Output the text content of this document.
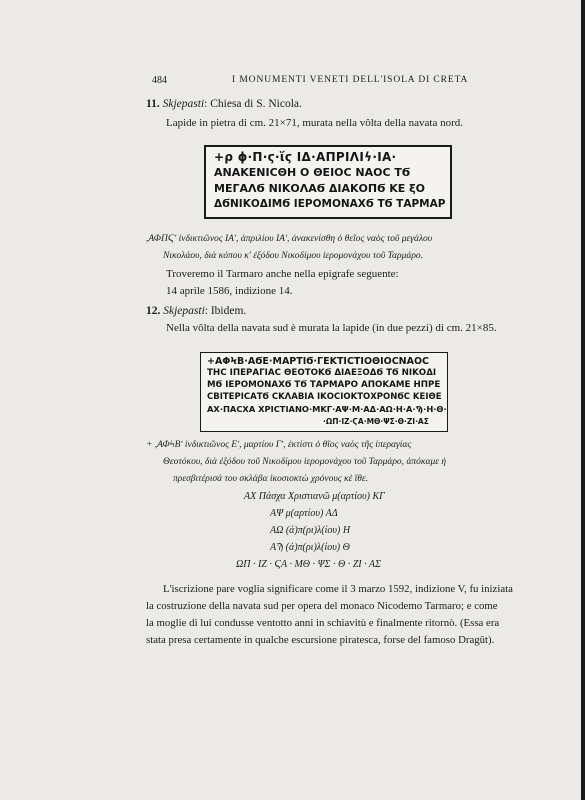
484	I MONUMENTI VENETI DELL'ISOLA DI CRETA
11. Skjepasti: Chiesa di S. Nicola.
Lapide in pietra di cm. 21×71, murata nella vôlta della navata nord.
+ρ ϕ·Π·ϛ·ἵϛ ΙΔ·ΑΠΡΙΛΙϟ·ΙΑ·
ΑΝΑΚΕΝΙϹΘΗ Ο ΘΕΙΟϹ ΝΑΟϹ ΤϬ
ΜΕΓΑΛϬ ΝΙΚΟΛΑϬ ΔΙΑΚΟΠϬ ΚΕ ξΟ
ΔϬΝΙΚΟΔΙΜϬ ΙΕΡΟΜΟΝΑΧϬ ΤϬ ΤΑΡΜΑΡ
,ΑΦΠϚʹ ἰνδικτιῶνος ΙΑʹ, ἀπριλίου ΙΑʹ, ἀνακενίσθη ὁ θεῖος ναὸς τοῦ μεγάλου
Νικολάου, διὰ κόπου κ' ἐξόδου Νικοδίμου ἱερομονάχου τοῦ Ταρμάρο.
Troveremo il Tarmaro anche nella epigrafe seguente:
14 aprile 1586, indizione 14.
12. Skjepasti: Ibidem.
Nella vôlta della navata sud è murata la lapide (in due pezzi) di cm. 21×85.
+ΑΦϞΒ·ΑϬΕ·ΜΑΡΤΙϬ·ΓΕΚΤΙϹΤΙΟΘΙΟϹΝΑΟϹ
ΤΗϹ ΙΠΕΡΑΓΙΑϹ ΘΕΟΤΟΚϬ ΔΙΑΕΞΟΔϬ ΤϬ ΝΙΚΟΔΙ
ΜϬ ΙΕΡΟΜΟΝΑΧϬ ΤϬ ΤΑΡΜΑΡΟ ΑΠΟΚΑΜΕ ΗΠΡΕ
ϹΒΙΤΕΡΙϹΑΤϬ ϹΚΛΑΒΙΑ ΙΚΟϹΙΟΚΤΟΧΡΟΝϬϹ ΚΕΙΘΕ
ΑΧ·ΠΑϹΧΑ ΧΡΙϹΤΙΑΝΟ·ΜΚΓ·ΑΨ·Μ·ΑΔ·ΑΩ·Η·Α·Ϡ·Η·Θ·
·ΩΠ·ΙΖ·ϚΑ·ΜΘ·ΨΣ·Θ·ΖΙ·ΑΣ
+ ,ΑΦϞΒʹ ἰνδικτιῶνος Εʹ, μαρτίου Γʹ, ἐκτίστι ὁ θῖος ναὸς τῆς ἰπεραγίας
Θεοτόκου, διὰ ἐξόδου τοῦ Νικοδίμου ἱερομονάχου τοῦ Ταρμάρο, ἀπόκαμε ἡ
πρεσβιτέρισά του σκλάβα ἰκοσιοκτὼ χρόνους κὲ ἴθε.
ΑΧ Πάσχα Χριστιανῶ μ(αρτίου) ΚΓ
ΑΨ μ(αρτίου) ΑΔ
ΑΩ (ἀ)π(ρι)λ(ίου) Η
ΑϠ (ἀ)π(ρι)λ(ίου) Θ
ΩΠ · ΙΖ · ϚΑ · ΜΘ · ΨΣ · Θ · ΖΙ · ΑΣ
L'iscrizione pare voglia significare come il 3 marzo 1592, indizione V, fu iniziata
la costruzione della navata sud per opera del monaco Nicodemo Tarmaro; e come
la moglie di lui condusse ventotto anni in schiavitù e finalmente ritornò. (Essa era
stata presa certamente in qualche escursione piratesca, forse del famoso Dragût).
